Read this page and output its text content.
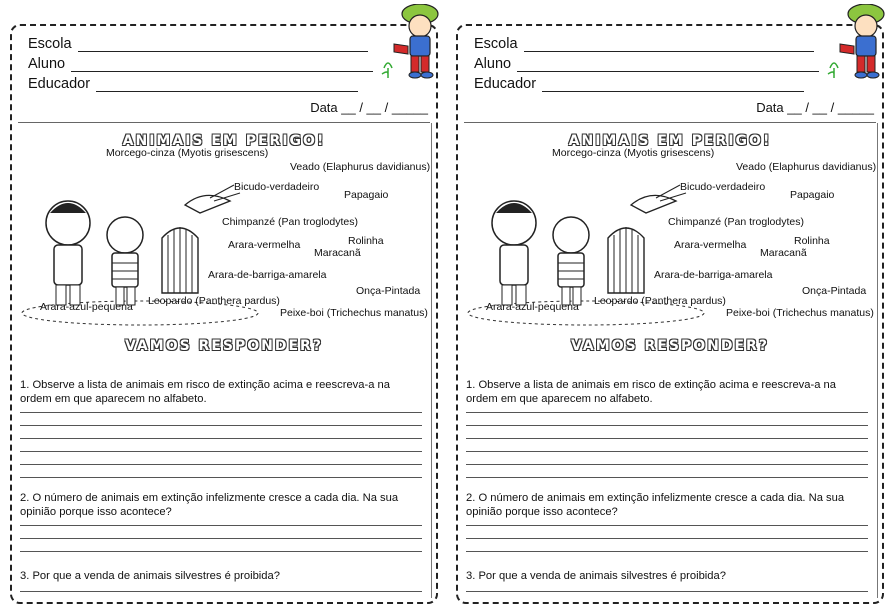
Escola
Aluno
Educador
Data __ / __ / _____
ANIMAIS EM PERIGO!
Morcego-cinza (Myotis grisescens)
Veado (Elaphurus davidianus)
Bicudo-verdadeiro
Papagaio
Chimpanzé (Pan troglodytes)
Rolinha
Arara-vermelha
Maracanã
Arara-de-barriga-amarela
Onça-Pintada
Arara-azul-pequena Leopardo (Panthera pardus)
Peixe-boi (Trichechus manatus)
VAMOS RESPONDER?
1. Observe a lista de animais em risco de extinção acima e reescreva-a na ordem em que aparecem no alfabeto.
2. O número de animais em extinção infelizmente cresce a cada dia. Na sua opinião porque isso acontece?
3. Por que a venda de animais silvestres é proibida?
Escola
Aluno
Educador
Data __ / __ / _____
ANIMAIS EM PERIGO!
Morcego-cinza (Myotis grisescens)
Veado (Elaphurus davidianus)
Bicudo-verdadeiro
Papagaio
Chimpanzé (Pan troglodytes)
Rolinha
Arara-vermelha
Maracanã
Arara-de-barriga-amarela
Onça-Pintada
Arara-azul-pequena Leopardo (Panthera pardus)
Peixe-boi (Trichechus manatus)
VAMOS RESPONDER?
1. Observe a lista de animais em risco de extinção acima e reescreva-a na ordem em que aparecem no alfabeto.
2. O número de animais em extinção infelizmente cresce a cada dia. Na sua opinião porque isso acontece?
3. Por que a venda de animais silvestres é proibida?
